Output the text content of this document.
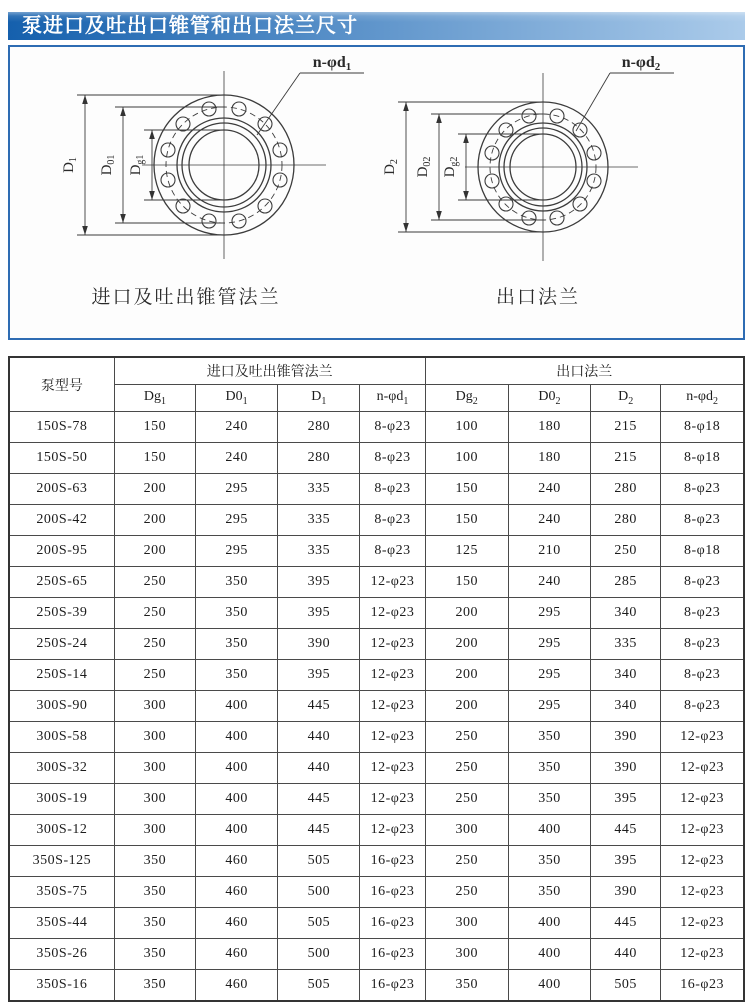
泵进口及吐出口锥管和出口法兰尺寸
$D_1$
$D_{01}$
$D_{g1}$
n-φd1
进口及吐出锥管法兰
$D_2$
$D_{02}$
$D_{g2}$
n-φd2
出口法兰
泵型号	进口及吐出锥管法兰				出口法兰			
	$Dg_1$	$D0_1$	$D_1$	$n-\varphi d_1$	$Dg_2$	$D0_2$	$D_2$	$n-\varphi d_2$
150S-78	150	240	280	8-φ23	100	180	215	8-φ18
150S-50	150	240	280	8-φ23	100	180	215	8-φ18
200S-63	200	295	335	8-φ23	150	240	280	8-φ23
200S-42	200	295	335	8-φ23	150	240	280	8-φ23
200S-95	200	295	335	8-φ23	125	210	250	8-φ18
250S-65	250	350	395	12-φ23	150	240	285	8-φ23
250S-39	250	350	395	12-φ23	200	295	340	8-φ23
250S-24	250	350	390	12-φ23	200	295	335	8-φ23
250S-14	250	350	395	12-φ23	200	295	340	8-φ23
300S-90	300	400	445	12-φ23	200	295	340	8-φ23
300S-58	300	400	440	12-φ23	250	350	390	12-φ23
300S-32	300	400	440	12-φ23	250	350	390	12-φ23
300S-19	300	400	445	12-φ23	250	350	395	12-φ23
300S-12	300	400	445	12-φ23	300	400	445	12-φ23
350S-125	350	460	505	16-φ23	250	350	395	12-φ23
350S-75	350	460	500	16-φ23	250	350	390	12-φ23
350S-44	350	460	505	16-φ23	300	400	445	12-φ23
350S-26	350	460	500	16-φ23	300	400	440	12-φ23
350S-16	350	460	505	16-φ23	350	400	505	16-φ23
